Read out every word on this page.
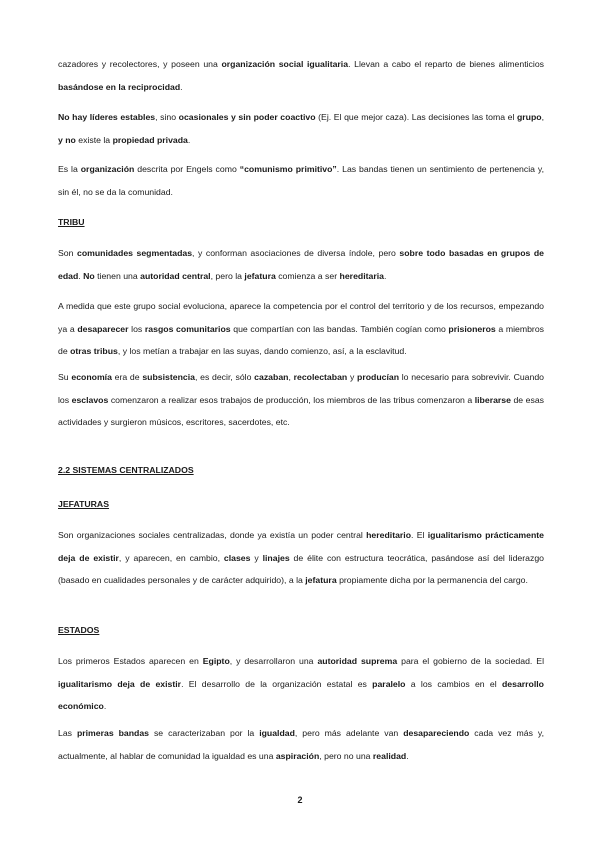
cazadores y recolectores, y poseen una organización social igualitaria. Llevan a cabo el reparto de bienes alimenticios basándose en la reciprocidad.

No hay líderes estables, sino ocasionales y sin poder coactivo (Ej. El que mejor caza). Las decisiones las toma el grupo, y no existe la propiedad privada.

Es la organización descrita por Engels como “comunismo primitivo”. Las bandas tienen un sentimiento de pertenencia y, sin él, no se da la comunidad.

TRIBU

Son comunidades segmentadas, y conforman asociaciones de diversa índole, pero sobre todo basadas en grupos de edad. No tienen una autoridad central, pero la jefatura comienza a ser hereditaria.

A medida que este grupo social evoluciona, aparece la competencia por el control del territorio y de los recursos, empezando ya a desaparecer los rasgos comunitarios que compartían con las bandas. También cogían como prisioneros a miembros de otras tribus, y los metían a trabajar en las suyas, dando comienzo, así, a la esclavitud.

Su economía era de subsistencia, es decir, sólo cazaban, recolectaban y producían lo necesario para sobrevivir. Cuando los esclavos comenzaron a realizar esos trabajos de producción, los miembros de las tribus comenzaron a liberarse de esas actividades y surgieron músicos, escritores, sacerdotes, etc.

2.2 SISTEMAS CENTRALIZADOS

JEFATURAS

Son organizaciones sociales centralizadas, donde ya existía un poder central hereditario. El igualitarismo prácticamente deja de existir, y aparecen, en cambio, clases y linajes de élite con estructura teocrática, pasándose así del liderazgo (basado en cualidades personales y de carácter adquirido), a la jefatura propiamente dicha por la permanencia del cargo.

ESTADOS

Los primeros Estados aparecen en Egipto, y desarrollaron una autoridad suprema para el gobierno de la sociedad. El igualitarismo deja de existir. El desarrollo de la organización estatal es paralelo a los cambios en el desarrollo económico.

Las primeras bandas se caracterizaban por la igualdad, pero más adelante van desapareciendo cada vez más y, actualmente, al hablar de comunidad la igualdad es una aspiración, pero no una realidad.

2
